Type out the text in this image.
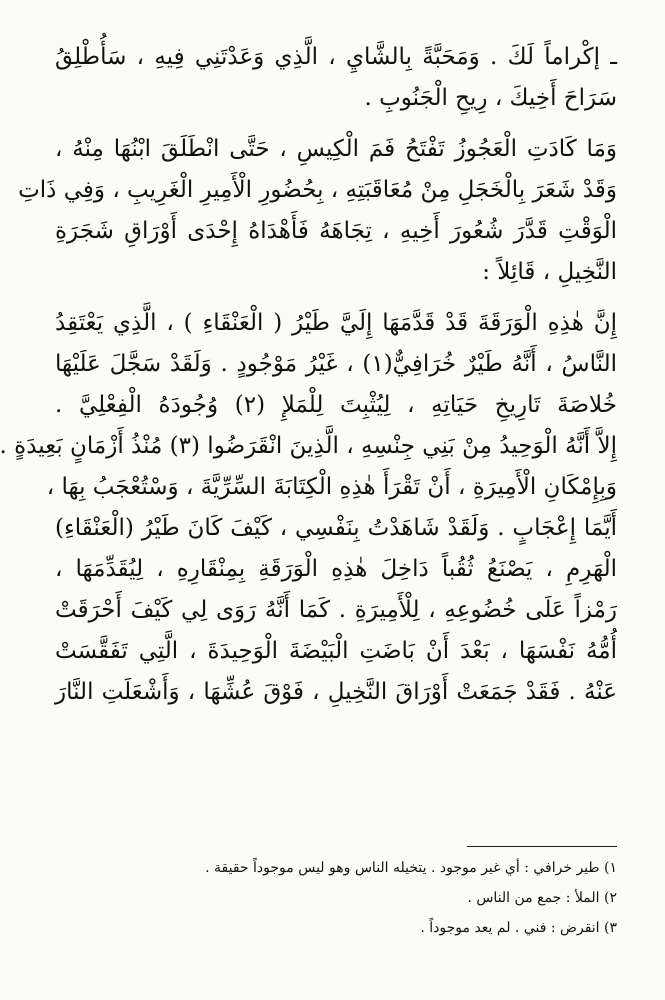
ـ إكْراماً لَكَ . وَمَحَبَّةً بِالشَّايِ ، الَّذِي وَعَدْتَنِي فِيهِ ، سَأُطْلِقُ
سَرَاحَ أَخِيكَ ، رِيحِ الْجَنُوبِ .
وَمَا كَادَتِ الْعَجُوزُ تَفْتَحُ فَمَ الْكِيسِ ، حَتَّى انْطَلَقَ ابْنُهَا مِنْهُ ،
وَقَدْ شَعَرَ بِالْخَجَلِ مِنْ مُعَاقَبَتِهِ ، بِحُضُورِ الْأَمِيرِ الْغَرِيبِ ، وَفِي ذَاتِ
الْوَقْتِ قَدَّرَ شُعُورَ أَخِيهِ ، تِجَاهَهُ فَأَهْدَاهُ إِحْدَى أَوْرَاقِ شَجَرَةِ
النَّخِيلِ ، قَائِلاً :
إِنَّ هٰذِهِ الْوَرَقَةَ قَدْ قَدَّمَهَا إِلَيَّ طَيْرُ ( الْعَنْقَاءِ ) ، الَّذِي يَعْتَقِدُ
النَّاسُ ، أَنَّهُ طَيْرٌ خُرَافِيٌّ(١) ، غَيْرُ مَوْجُودٍ . وَلَقَدْ سَجَّلَ عَلَيْهَا
خُلاصَةَ تَارِيخِ حَيَاتِهِ ، لِيُثْبِتَ لِلْمَلإِ (٢) وُجُودَهُ الْفِعْلِيَّ .
إِلاَّ أَنَّهُ الْوَحِيدُ مِنْ بَنِي جِنْسِهِ ، الَّذِينَ انْقَرَضُوا (٣) مُنْذُ أَزْمَانٍ بَعِيدَةٍ .
وَبِإِمْكَانِ الْأَمِيرَةِ ، أَنْ تَقْرَأَ هٰذِهِ الْكِتَابَةَ السِّرِّيَّةَ ، وَسْتُعْجَبُ بِهَا ،
أَيَّمَا إِعْجَابٍ . وَلَقَدْ شَاهَدْتُ بِنَفْسِي ، كَيْفَ كَانَ طَيْرُ (الْعَنْقَاءِ)
الْهَرِمِ ، يَصْنَعُ ثُقُباً دَاخِلَ هٰذِهِ الْوَرَقَةِ بِمِنْقَارِهِ ، لِيُقَدِّمَهَا ،
رَمْزاً عَلَى خُضُوعِهِ ، لِلْأَمِيرَةِ . كَمَا أَنَّهُ رَوَى لِي كَيْفَ أَحْرَقَتْ
أُمُّهُ نَفْسَهَا ، بَعْدَ أَنْ بَاضَتِ الْبَيْضَةَ الْوَحِيدَةَ ، الَّتِي تَفَقَّسَتْ
عَنْهُ . فَقَدْ جَمَعَتْ أَوْرَاقَ النَّخِيلِ ، فَوْقَ عُشِّهَا ، وَأَشْعَلَتِ النَّارَ
١) طير خرافي : أي غير موجود . يتخيله الناس وهو ليس موجوداً حقيقة .
٢) الملأ : جمع من الناس .
٣) انقرض : فني . لم يعد موجوداً .
